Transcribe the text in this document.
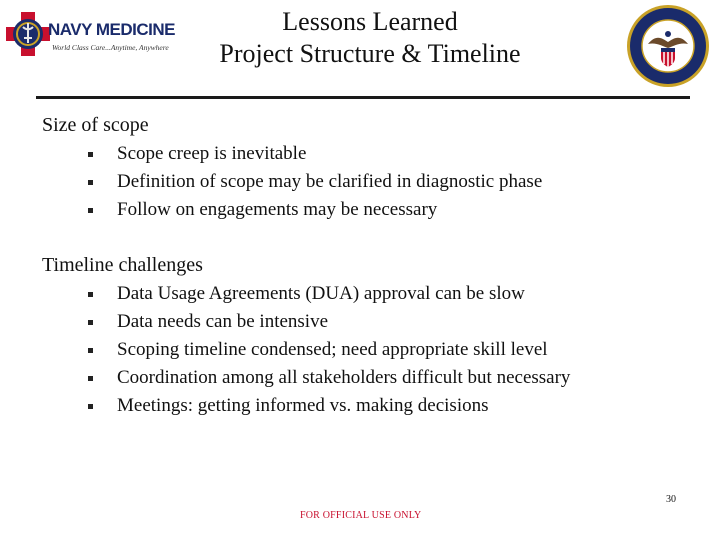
NAVY MEDICINE
World Class Care...Anytime, Anywhere
Lessons Learned
Project Structure & Timeline
Size of scope
Scope creep is inevitable
Definition of scope may be clarified in diagnostic phase
Follow on engagements may be necessary
Timeline challenges
Data Usage Agreements (DUA) approval can be slow
Data needs can be intensive
Scoping timeline condensed; need appropriate skill level
Coordination among all stakeholders difficult but necessary
Meetings: getting informed vs. making decisions
30
FOR OFFICIAL USE ONLY
